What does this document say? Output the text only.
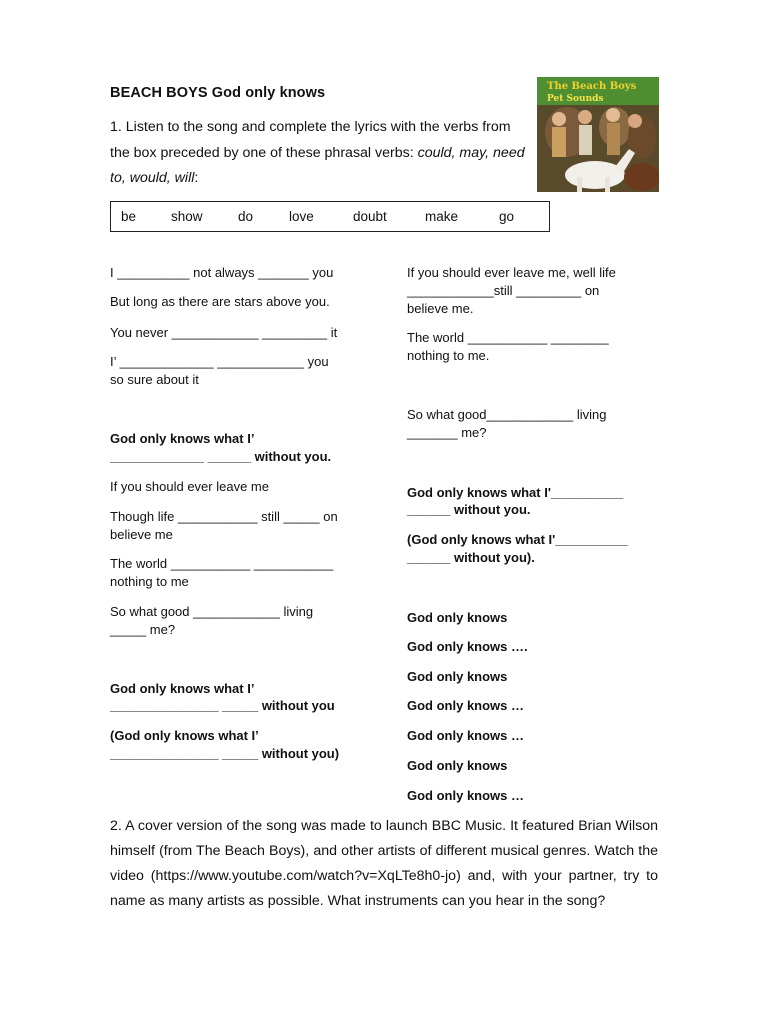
BEACH BOYS God only knows
1. Listen to the song and complete the lyrics with the verbs from the box preceded by one of these phrasal verbs: could, may, need to, would, will:
The Beach Boys
Pet Sounds
be	show	do	love	doubt	make	go

I __________ not always _______ you

But long as there are stars above you.

You never ____________ _________ it

I’ _____________ ____________ you

so sure about it

God only knows what I’

_____________ ______ without you.

If you should ever leave me

Though life ___________ still _____ on

believe me

The world ___________ ___________

nothing to me

So what good ____________ living

_____ me?

God only knows what I’

_______________ _____ without you

(God only knows what I’

_______________ _____ without you)

If you should ever leave me, well life

____________still _________ on

believe me.

The world ___________ ________

nothing to me.

So what good____________ living

_______ me?

God only knows what I'__________

______ without you.

(God only knows what I'__________

______ without you).

God only knows

God only knows ….

God only knows

God only knows …

God only knows …

God only knows

God only knows …

2. A cover version of the song was made to launch BBC Music. It featured Brian Wilson himself (from The Beach Boys), and other artists of different musical genres. Watch the video (https://www.youtube.com/watch?v=XqLTe8h0-jo) and, with your partner, try to name as many artists as possible. What instruments can you hear in the song?
